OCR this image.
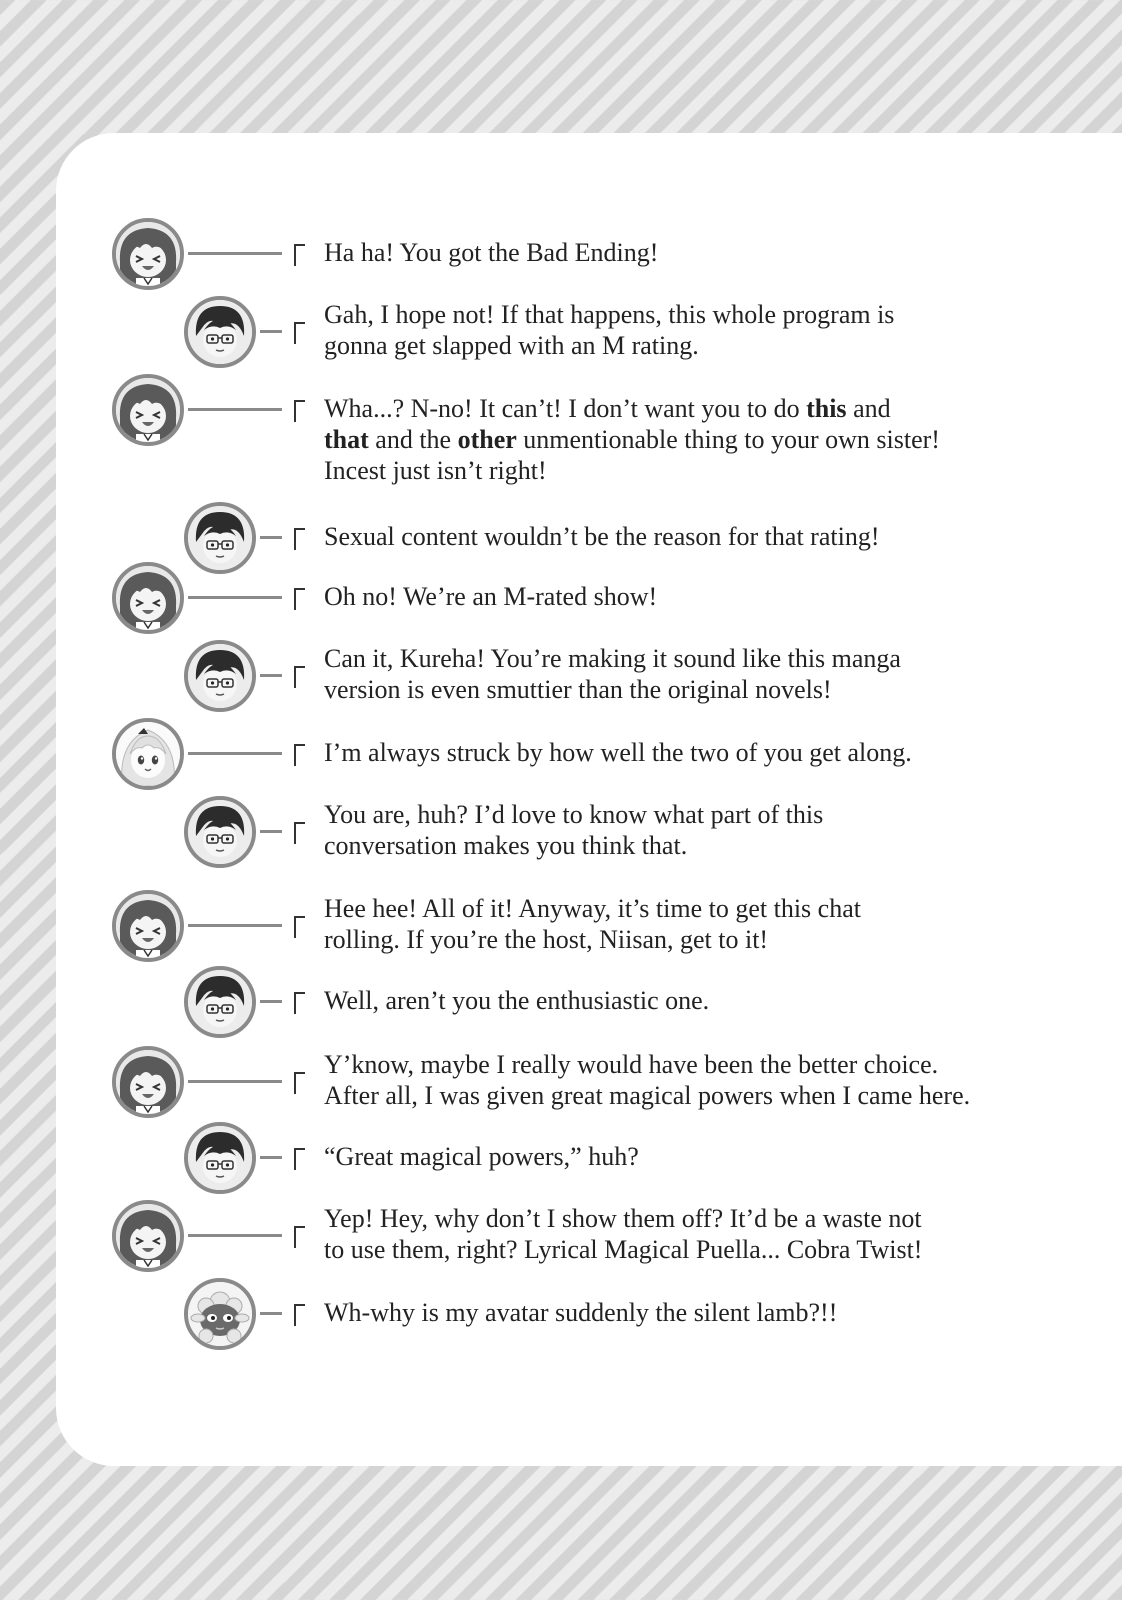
Ha ha! You got the Bad Ending!
Gah, I hope not! If that happens, this whole program is
gonna get slapped with an M rating.
Wha...? N-no! It can’t! I don’t want you to do this and
that and the other unmentionable thing to your own sister!
Incest just isn’t right!
Sexual content wouldn’t be the reason for that rating!
Oh no! We’re an M-rated show!
Can it, Kureha! You’re making it sound like this manga
version is even smuttier than the original novels!
I’m always struck by how well the two of you get along.
You are, huh? I’d love to know what part of this
conversation makes you think that.
Hee hee! All of it! Anyway, it’s time to get this chat
rolling. If you’re the host, Niisan, get to it!
Well, aren’t you the enthusiastic one.
Y’know, maybe I really would have been the better choice.
After all, I was given great magical powers when I came here.
“Great magical powers,” huh?
Yep! Hey, why don’t I show them off? It’d be a waste not
to use them, right? Lyrical Magical Puella... Cobra Twist!
Wh-why is my avatar suddenly the silent lamb?!!
